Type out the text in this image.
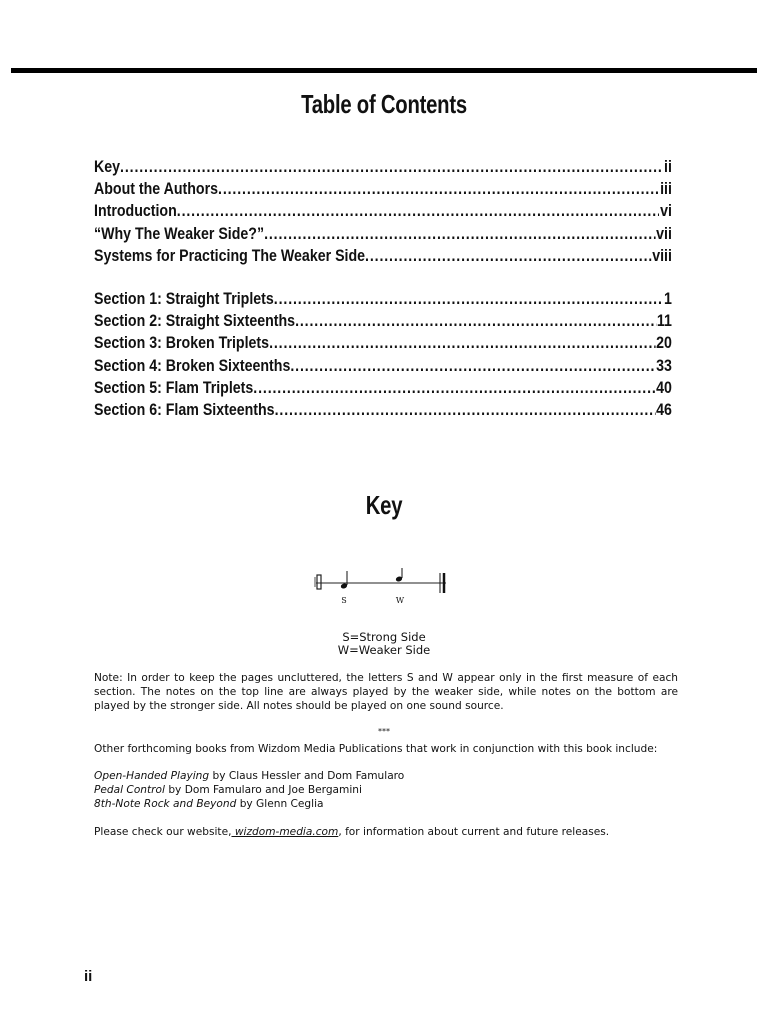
Table of Contents
Key .....	ii
About the Authors .....	iii
Introduction .....	vi
“Why The Weaker Side?” .....	vii
Systems for Practicing The Weaker Side .....	viii
Section 1: Straight Triplets .....	1
Section 2: Straight Sixteenths .....	11
Section 3: Broken Triplets .....	20
Section 4: Broken Sixteenths .....	33
Section 5: Flam Triplets .....	40
Section 6: Flam Sixteenths .....	46
Key
S	W
S=Strong Side
W=Weaker Side

Note: In order to keep the pages uncluttered, the letters S and W appear only in the first measure of each section. The notes on the top line are always played by the weaker side, while notes on the bottom are played by the stronger side. All notes should be played on one sound source.

***

Other forthcoming books from Wizdom Media Publications that work in conjunction with this book include:

Open-Handed Playing by Claus Hessler and Dom Famularo
Pedal Control by Dom Famularo and Joe Bergamini
8th-Note Rock and Beyond by Glenn Ceglia

Please check our website, wizdom-media.com, for information about current and future releases.

ii
